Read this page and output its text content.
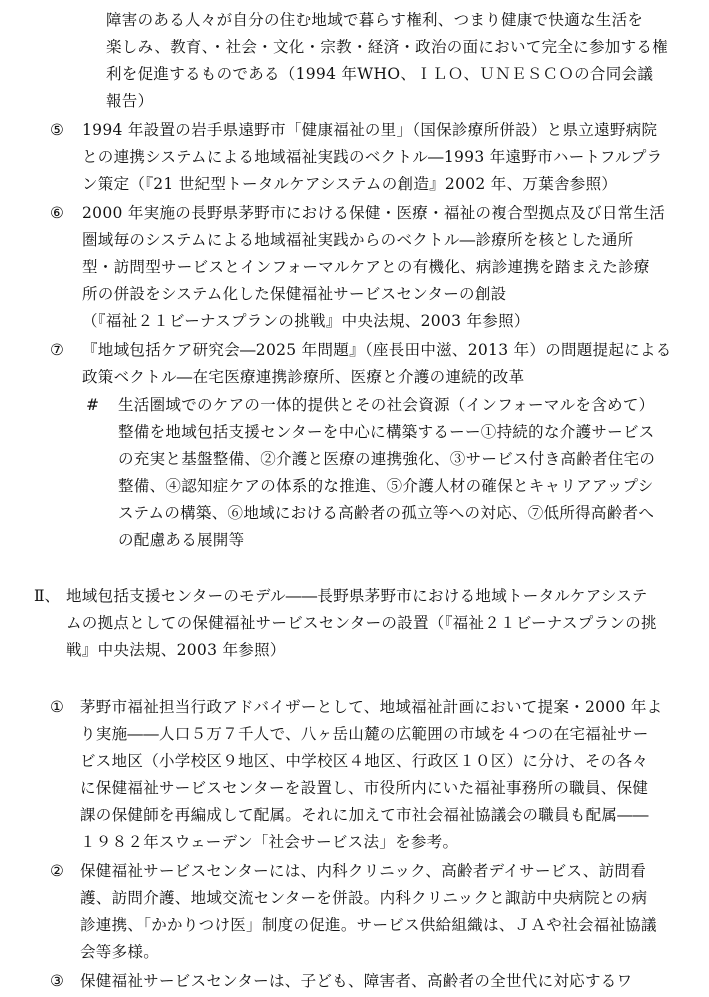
障害のある人々が自分の住む地域で暮らす権利、つまり健康で快適な生活を
楽しみ、教育、・社会・文化・宗教・経済・政治の面において完全に参加する権
利を促進するものである（1994 年WHO、ＩＬＯ、ＵＮＥＳＣＯの合同会議
報告）
⑤ 1994 年設置の岩手県遠野市「健康福祉の里」（国保診療所併設）と県立遠野病院
との連携システムによる地域福祉実践のベクトル―1993 年遠野市ハートフルプラ
ン策定（『21 世紀型トータルケアシステムの創造』2002 年、万葉舎参照）
⑥ 2000 年実施の長野県茅野市における保健・医療・福祉の複合型拠点及び日常生活
圏域毎のシステムによる地域福祉実践からのベクトル―診療所を核とした通所
型・訪問型サービスとインフォーマルケアとの有機化、病診連携を踏まえた診療
所の併設をシステム化した保健福祉サービスセンターの創設
（『福祉２１ビーナスプランの挑戦』中央法規、2003 年参照）
⑦ 『地域包括ケア研究会―2025 年問題』（座長田中滋、2013 年）の問題提起による
政策ベクトル―在宅医療連携診療所、医療と介護の連続的改革
# 生活圏域でのケアの一体的提供とその社会資源（インフォーマルを含めて）
整備を地域包括支援センターを中心に構築するーー①持続的な介護サービス
の充実と基盤整備、②介護と医療の連携強化、③サービス付き高齢者住宅の
整備、④認知症ケアの体系的な推進、⑤介護人材の確保とキャリアアップシ
ステムの構築、⑥地域における高齢者の孤立等への対応、⑦低所得高齢者へ
の配慮ある展開等
Ⅱ、 地域包括支援センターのモデル――長野県茅野市における地域トータルケアシステ
ムの拠点としての保健福祉サービスセンターの設置（『福祉２１ビーナスプランの挑
戦』中央法規、2003 年参照）
① 茅野市福祉担当行政アドバイザーとして、地域福祉計画において提案・2000 年よ
り実施――人口５万７千人で、八ヶ岳山麓の広範囲の市域を４つの在宅福祉サー
ビス地区（小学校区９地区、中学校区４地区、行政区１０区）に分け、その各々
に保健福祉サービスセンターを設置し、市役所内にいた福祉事務所の職員、保健
課の保健師を再編成して配属。それに加えて市社会福祉協議会の職員も配属――
１９８２年スウェーデン「社会サービス法」を参考。
② 保健福祉サービスセンターには、内科クリニック、高齢者デイサービス、訪問看
護、訪問介護、地域交流センターを併設。内科クリニックと諏訪中央病院との病
診連携、「かかりつけ医」制度の促進。サービス供給組織は、ＪＡや社会福祉協議
会等多様。
③ 保健福祉サービスセンターは、子ども、障害者、高齢者の全世代に対応するワ
